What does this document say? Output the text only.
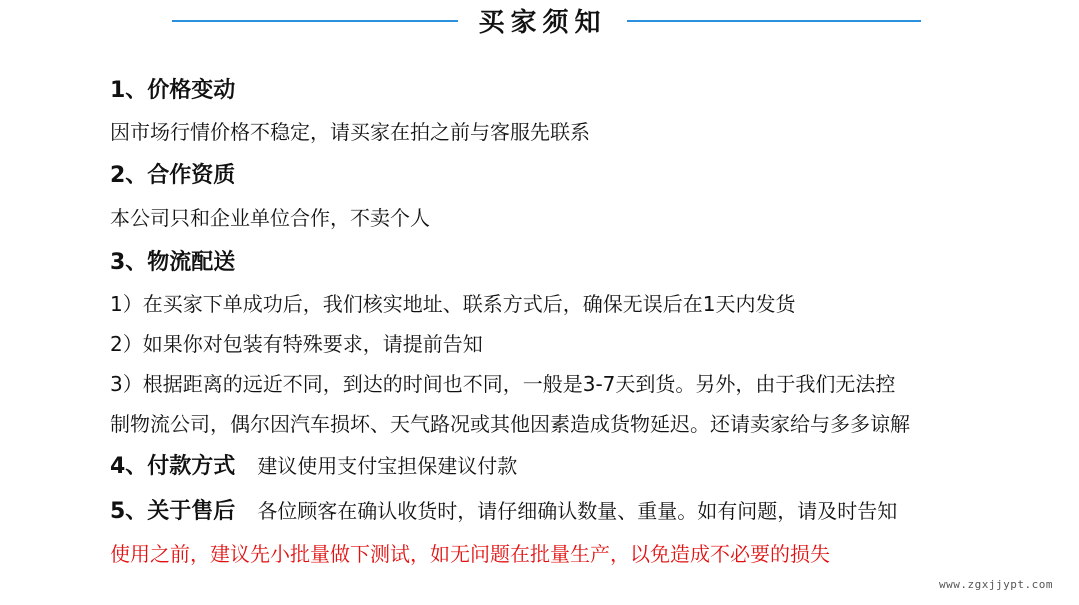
买家须知
1、价格变动
因市场行情价格不稳定，请买家在拍之前与客服先联系
2、合作资质
本公司只和企业单位合作，不卖个人
3、物流配送
1）在买家下单成功后，我们核实地址、联系方式后，确保无误后在1天内发货
2）如果你对包装有特殊要求，请提前告知
3）根据距离的远近不同，到达的时间也不同，一般是3-7天到货。另外，由于我们无法控
制物流公司，偶尔因汽车损坏、天气路况或其他因素造成货物延迟。还请卖家给与多多谅解
4、付款方式 建议使用支付宝担保建议付款
5、关于售后 各位顾客在确认收货时，请仔细确认数量、重量。如有问题，请及时告知
使用之前，建议先小批量做下测试，如无问题在批量生产，以免造成不必要的损失
www.zgxjjypt.com
